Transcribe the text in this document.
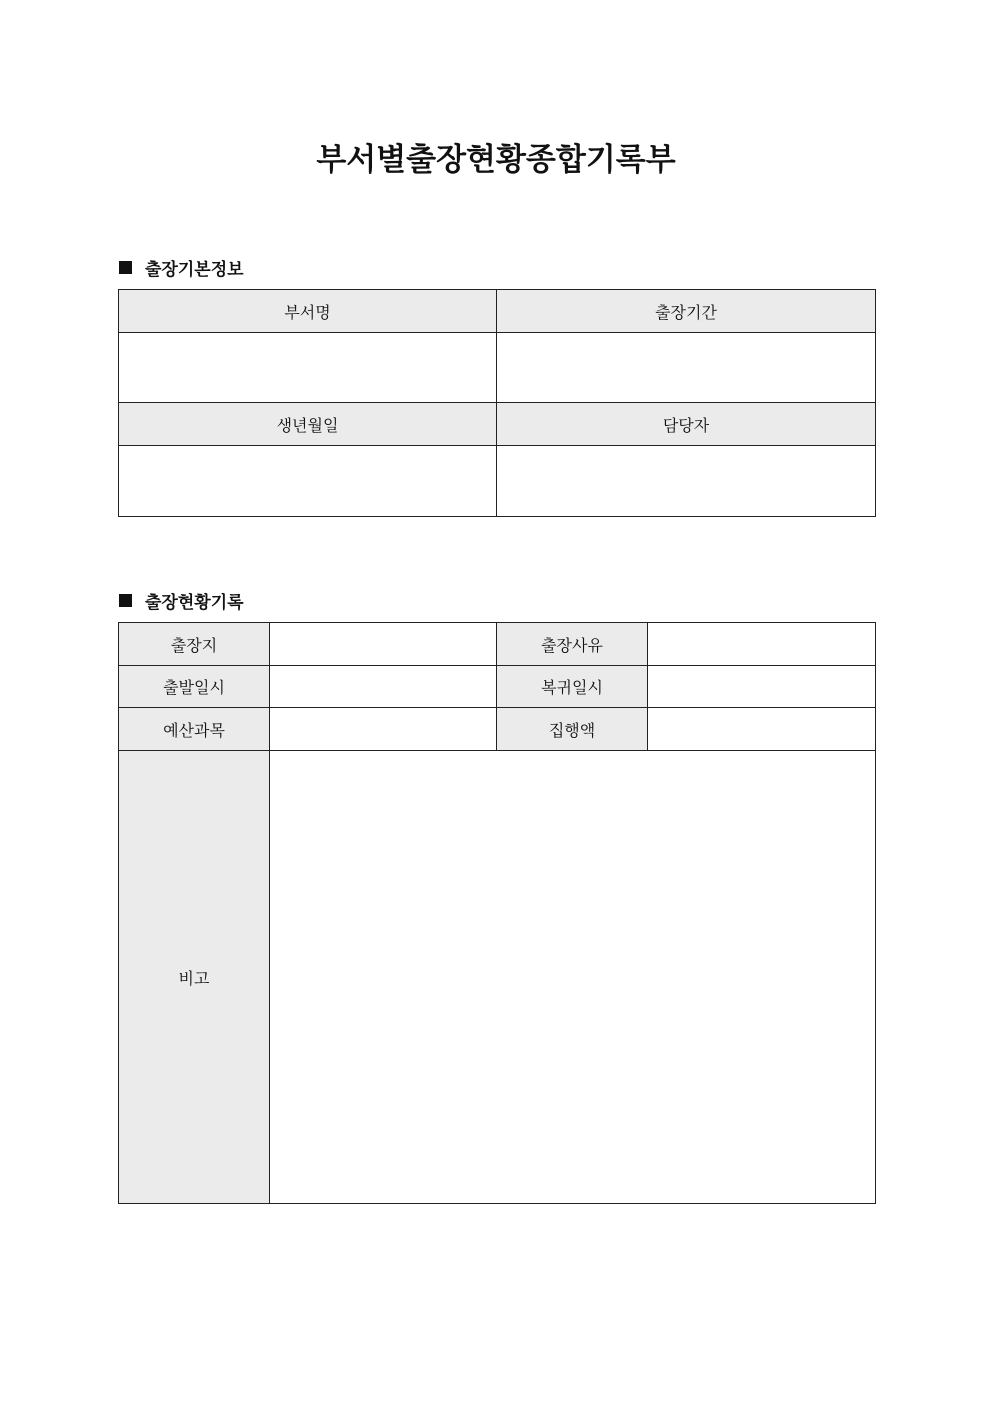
부서별출장현황종합기록부
출장기본정보
부서명	출장기간

생년월일	담당자

출장현황기록
출장지		출장사유	
출발일시		복귀일시	
예산과목		집행액	
비고			
